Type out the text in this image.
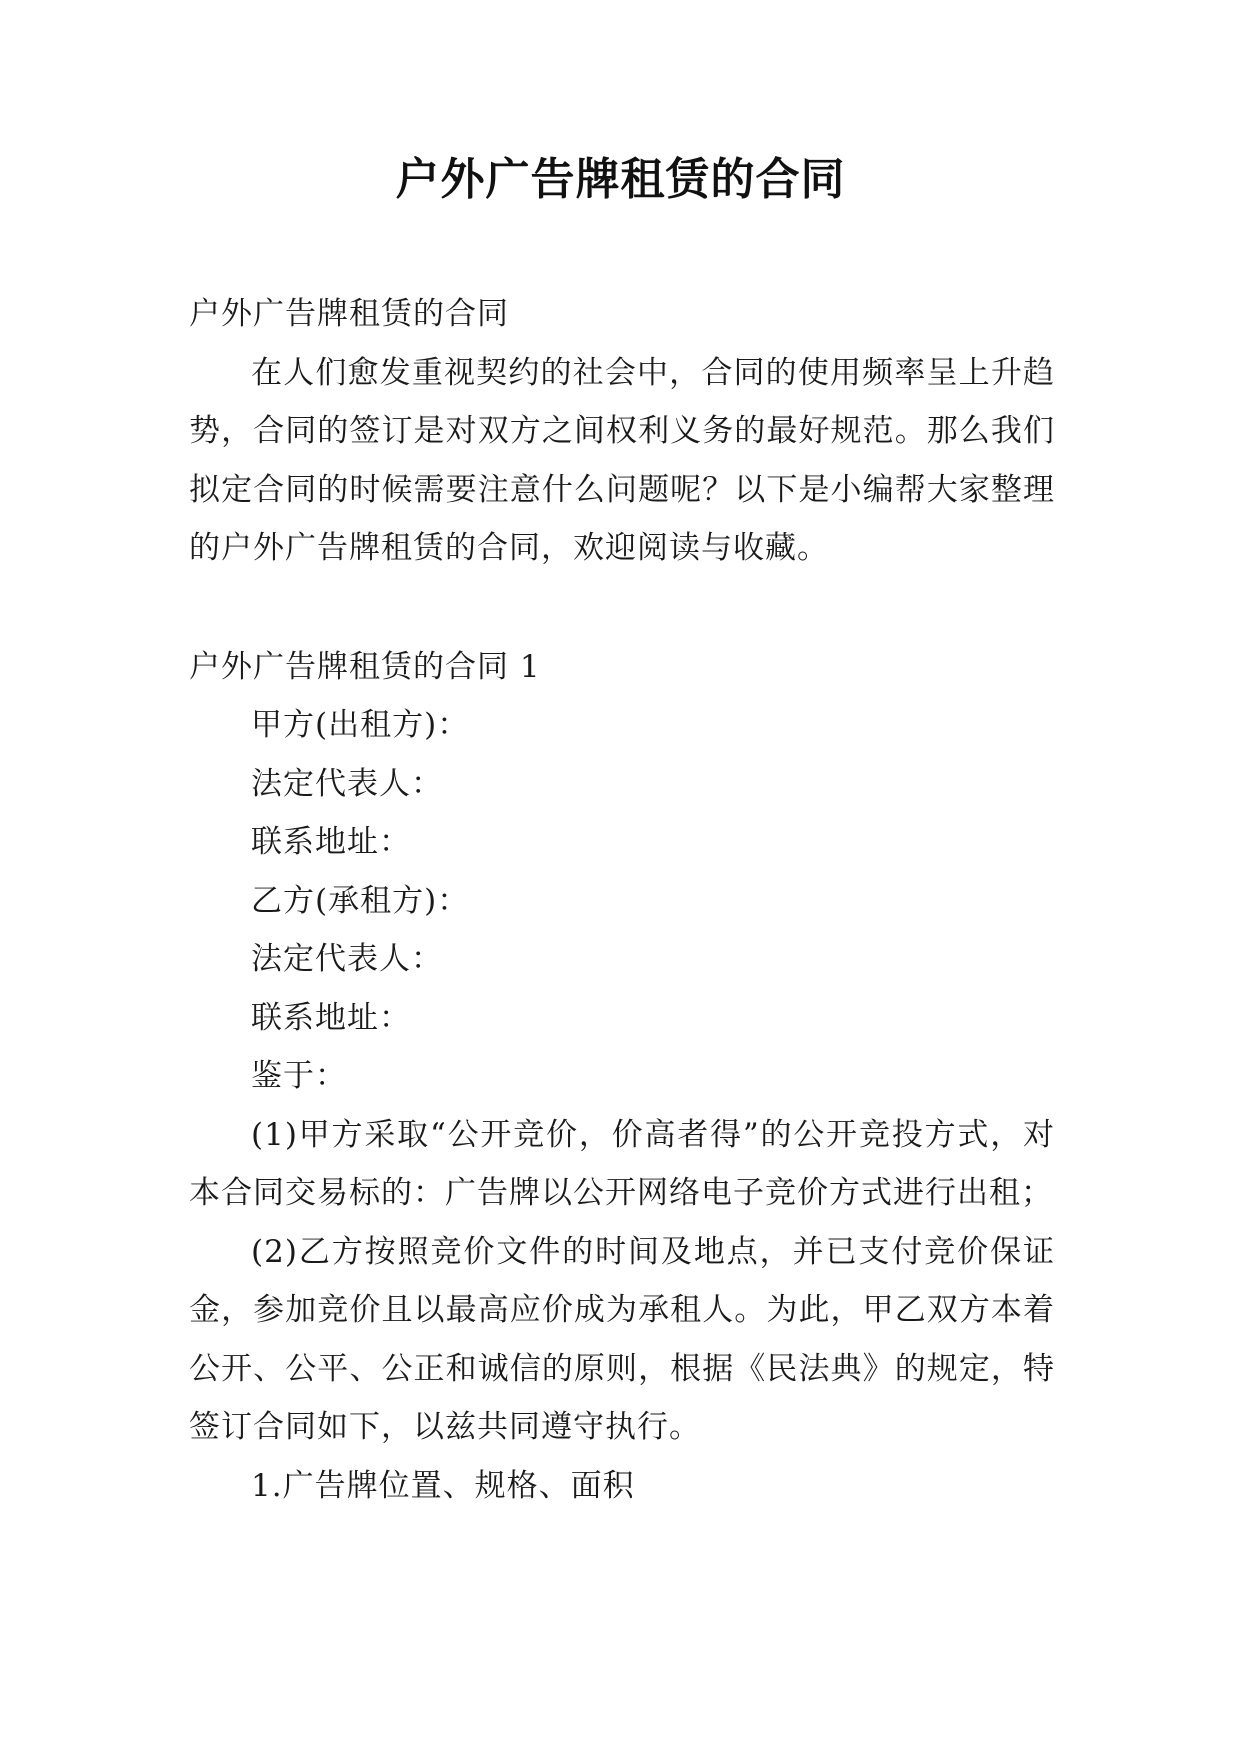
户外广告牌租赁的合同

户外广告牌租赁的合同

在人们愈发重视契约的社会中，合同的使用频率呈上升趋势，合同的签订是对双方之间权利义务的最好规范。那么我们拟定合同的时候需要注意什么问题呢？以下是小编帮大家整理的户外广告牌租赁的合同，欢迎阅读与收藏。

户外广告牌租赁的合同 1

甲方(出租方)：

法定代表人：

联系地址：

乙方(承租方)：

法定代表人：

联系地址：

鉴于：

(1)甲方采取“公开竞价，价高者得”的公开竞投方式，对本合同交易标的：广告牌以公开网络电子竞价方式进行出租；

(2)乙方按照竞价文件的时间及地点，并已支付竞价保证金，参加竞价且以最高应价成为承租人。为此，甲乙双方本着公开、公平、公正和诚信的原则，根据《民法典》的规定，特签订合同如下，以兹共同遵守执行。

1.广告牌位置、规格、面积
